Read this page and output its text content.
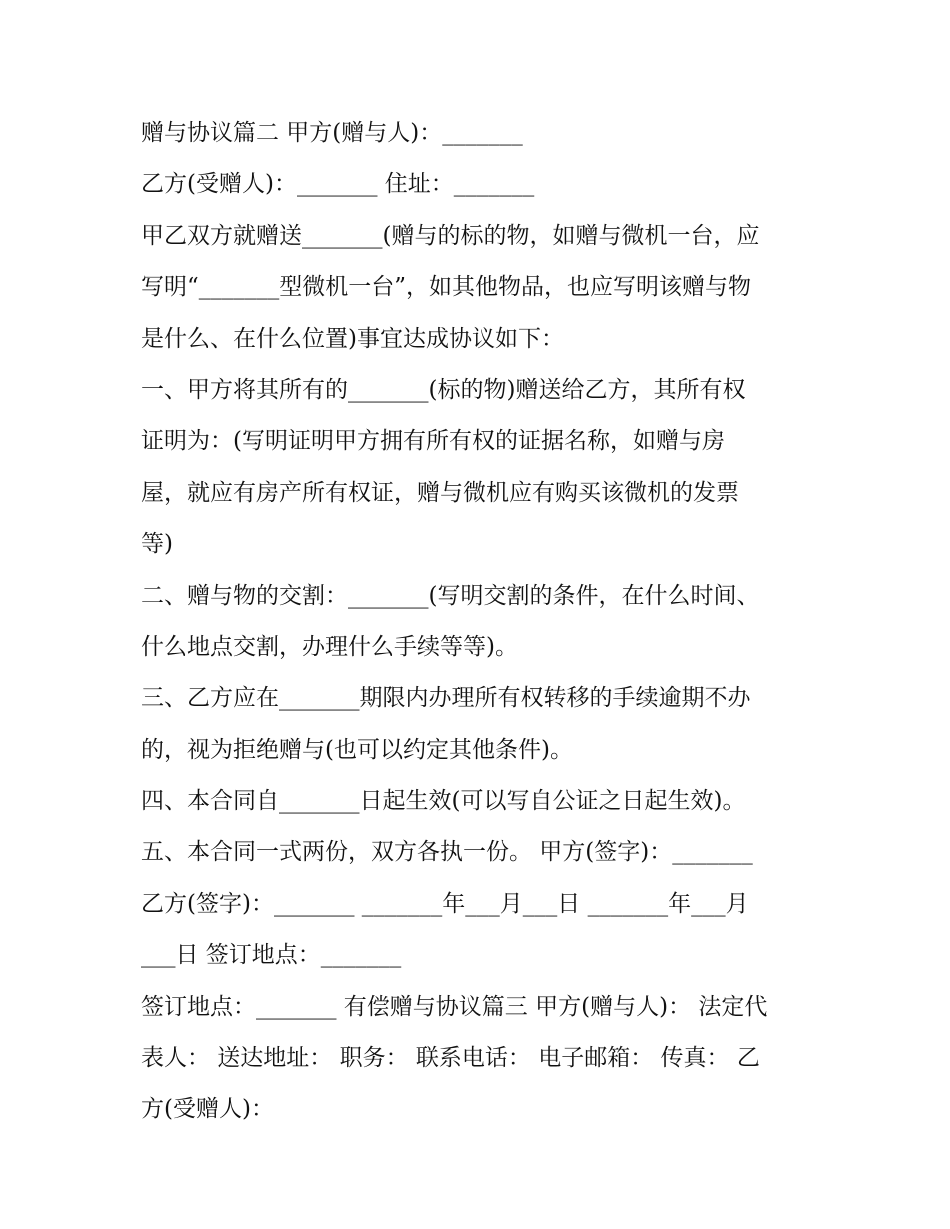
赠与协议篇二 甲方(赠与人)：_______
乙方(受赠人)：_______ 住址：_______
甲乙双方就赠送_______(赠与的标的物，如赠与微机一台，应
写明“_______型微机一台”，如其他物品，也应写明该赠与物
是什么、在什么位置)事宜达成协议如下：
一、甲方将其所有的_______(标的物)赠送给乙方，其所有权
证明为：(写明证明甲方拥有所有权的证据名称，如赠与房
屋，就应有房产所有权证，赠与微机应有购买该微机的发票
等)
二、赠与物的交割：_______(写明交割的条件，在什么时间、
什么地点交割，办理什么手续等等)。
三、乙方应在_______期限内办理所有权转移的手续逾期不办
的，视为拒绝赠与(也可以约定其他条件)。
四、本合同自_______日起生效(可以写自公证之日起生效)。
五、本合同一式两份，双方各执一份。 甲方(签字)：_______
乙方(签字)：_______ _______年___月___日 _______年___月
___日 签订地点：_______
签订地点：_______ 有偿赠与协议篇三 甲方(赠与人)： 法定代
表人： 送达地址： 职务： 联系电话： 电子邮箱： 传真： 乙
方(受赠人)：
